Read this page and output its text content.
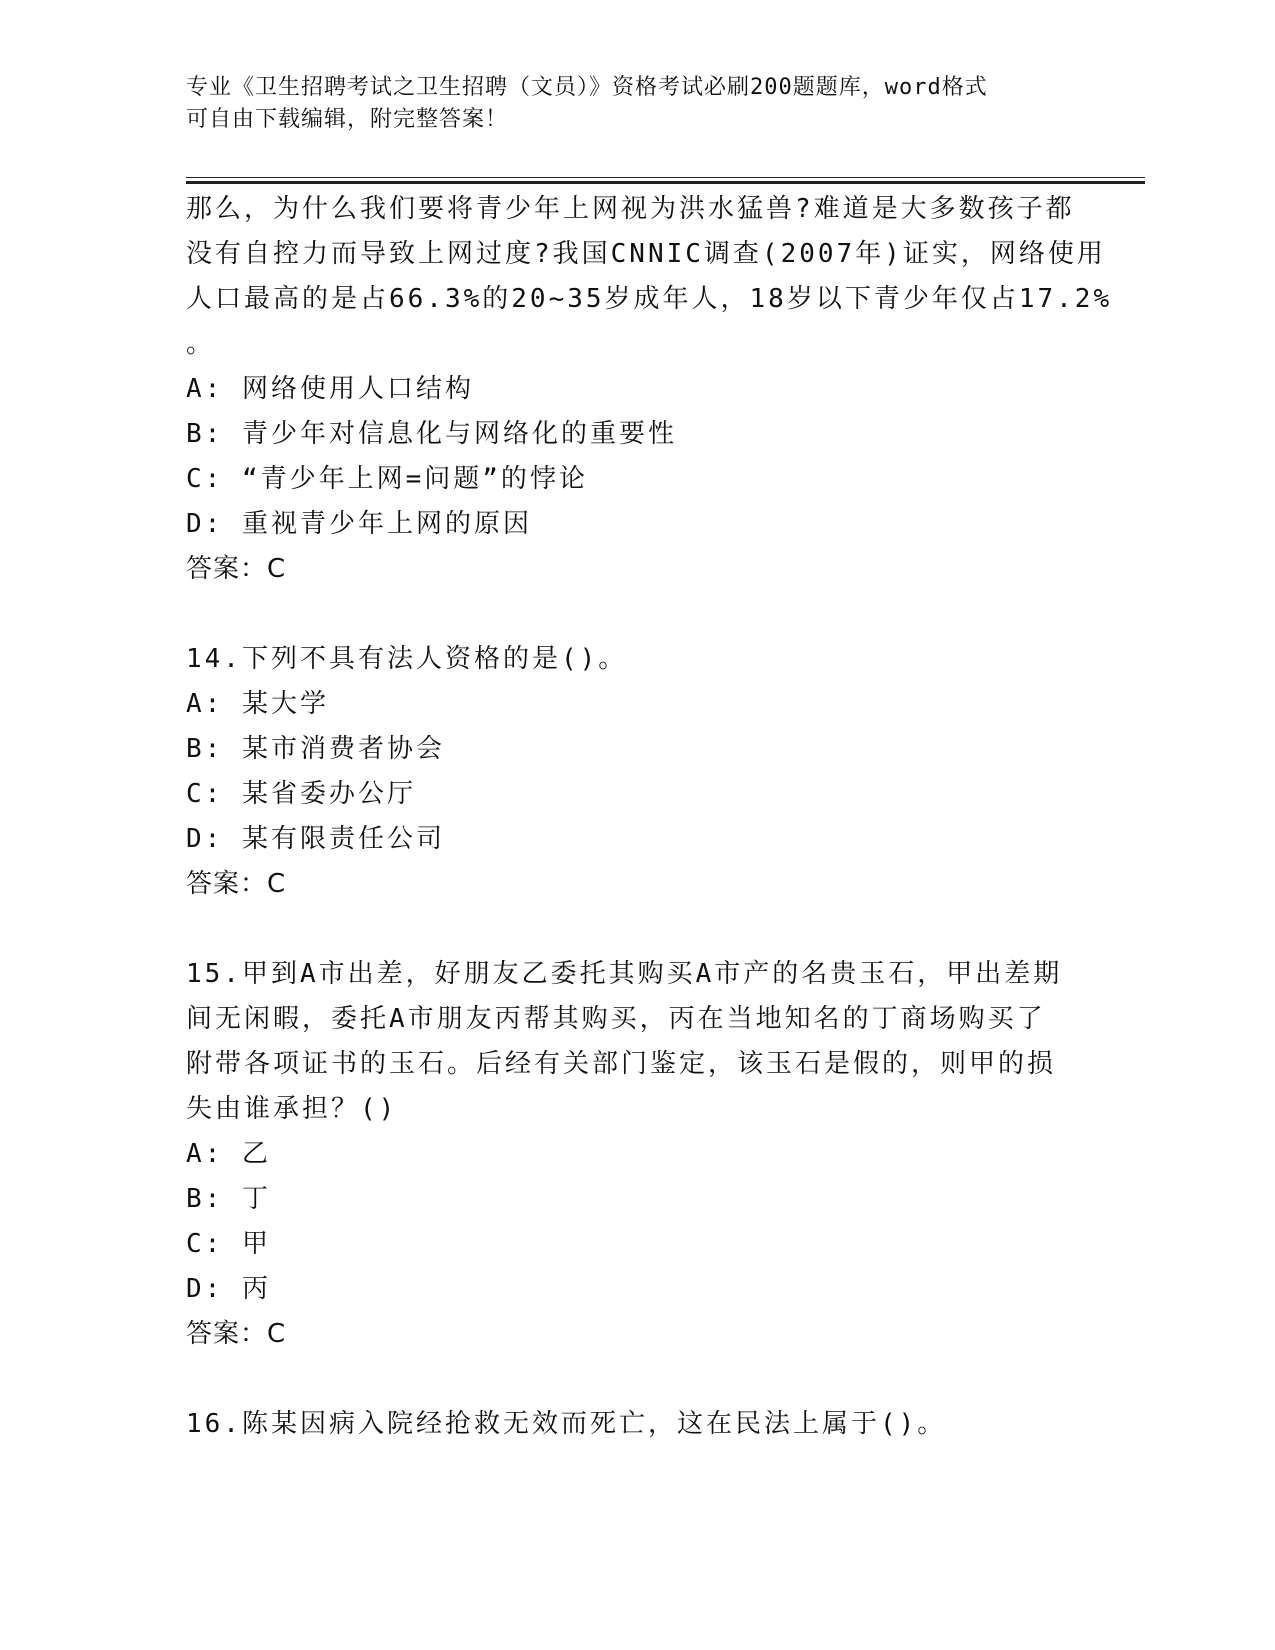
专业《卫生招聘考试之卫生招聘（文员）》资格考试必刷200题题库，word格式
可自由下载编辑，附完整答案！
那么，为什么我们要将青少年上网视为洪水猛兽?难道是大多数孩子都
没有自控力而导致上网过度?我国CNNIC调查(2007年)证实，网络使用
人口最高的是占66.3%的20~35岁成年人，18岁以下青少年仅占17.2%
。
A: 网络使用人口结构
B: 青少年对信息化与网络化的重要性
C: “青少年上网=问题”的悖论
D: 重视青少年上网的原因
答案：C
14.下列不具有法人资格的是()。
A: 某大学
B: 某市消费者协会
C: 某省委办公厅
D: 某有限责任公司
答案：C
15.甲到A市出差，好朋友乙委托其购买A市产的名贵玉石，甲出差期
间无闲暇，委托A市朋友丙帮其购买，丙在当地知名的丁商场购买了
附带各项证书的玉石。后经有关部门鉴定，该玉石是假的，则甲的损
失由谁承担？()
A: 乙
B: 丁
C: 甲
D: 丙
答案：C
16.陈某因病入院经抢救无效而死亡，这在民法上属于()。
